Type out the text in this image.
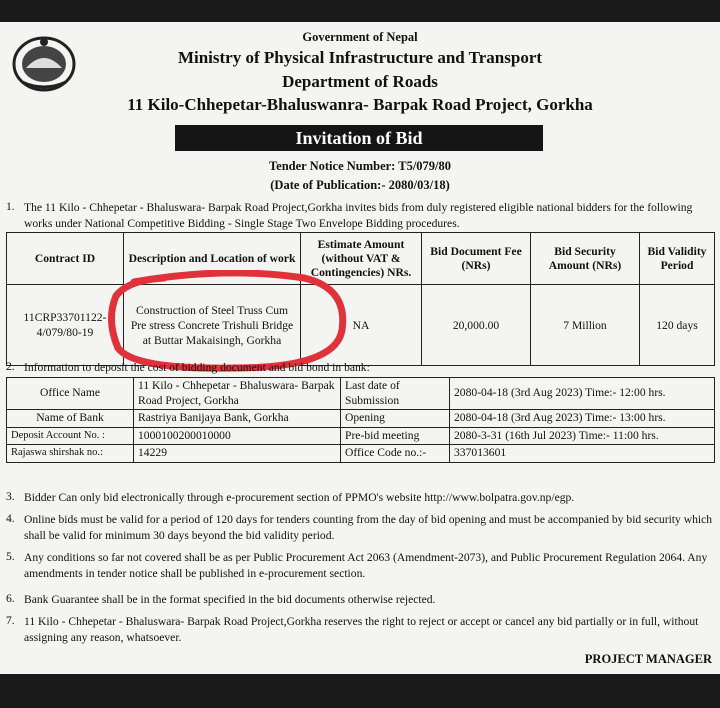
Government of Nepal
Ministry of Physical Infrastructure and Transport
Department of Roads
11 Kilo-Chhepetar-Bhaluswanra- Barpak Road Project, Gorkha
Invitation of Bid
Tender Notice Number: T5/079/80
(Date of Publication:- 2080/03/18)
1. The 11 Kilo - Chhepetar - Bhaluswara- Barpak Road Project,Gorkha invites bids from duly registered eligible national bidders for the following works under National Competitive Bidding - Single Stage Two Envelope Bidding procedures.

Contract ID	Description and Location of work	Estimate Amount (without VAT & Contingencies) NRs.	Bid Document Fee (NRs)	Bid Security Amount (NRs)	Bid Validity Period
11CRP33701122-4/079/80-19	Construction of Steel Truss Cum Pre stress Concrete Trishuli Bridge at Buttar Makaisingh, Gorkha	NA	20,000.00	7 Million	120 days
2. Information to deposit the cost of bidding document and bid bond in bank:

Office Name	11 Kilo - Chhepetar - Bhaluswara- Barpak Road Project, Gorkha	Last date of Submission	2080-04-18 (3rd Aug 2023) Time:- 12:00 hrs.
Name of Bank	Rastriya Banijaya Bank, Gorkha	Opening	2080-04-18 (3rd Aug 2023) Time:- 13:00 hrs.
Deposit Account No. :	1000100200010000	Pre-bid meeting	2080-3-31 (16th Jul 2023) Time:- 11:00 hrs.
Rajaswa shirshak no.:	14229	Office Code no.:-	337013601
3. Bidder Can only bid electronically through e-procurement section of PPMO's website http://www.bolpatra.gov.np/egp.

4. Online bids must be valid for a period of 120 days for tenders counting from the day of bid opening and must be accompanied by bid security which shall be valid for minimum 30 days beyond the bid validity period.

5. Any conditions so far not covered shall be as per Public Procurement Act 2063 (Amendment-2073), and Public Procurement Regulation 2064. Any amendments in tender notice shall be published in e-procurement section.

6. Bank Guarantee shall be in the format specified in the bid documents otherwise rejected.

7. 11 Kilo - Chhepetar - Bhaluswara- Barpak Road Project,Gorkha reserves the right to reject or accept or cancel any bid partially or in full, without assigning any reason, whatsoever.

PROJECT MANAGER
